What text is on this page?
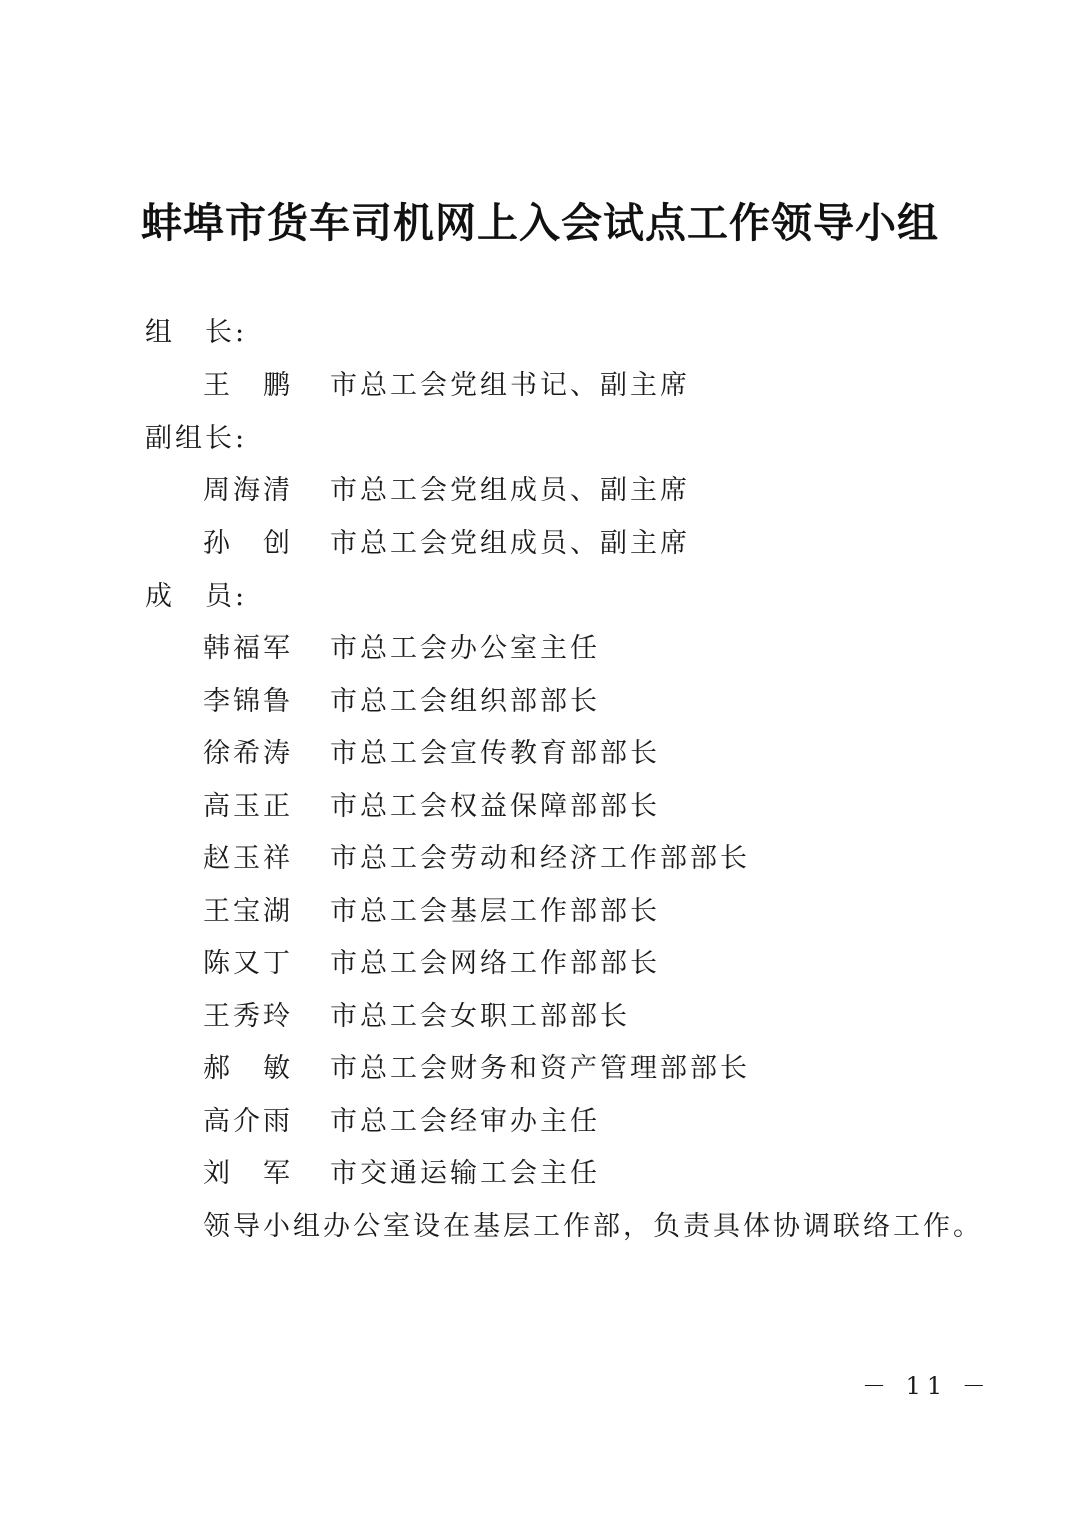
蚌埠市货车司机网上入会试点工作领导小组
组　长:
王　鹏 市总工会党组书记、副主席
副组长:
周海清 市总工会党组成员、副主席
孙　创 市总工会党组成员、副主席
成　员:
韩福军 市总工会办公室主任
李锦鲁 市总工会组织部部长
徐希涛 市总工会宣传教育部部长
高玉正 市总工会权益保障部部长
赵玉祥 市总工会劳动和经济工作部部长
王宝湖 市总工会基层工作部部长
陈又丁 市总工会网络工作部部长
王秀玲 市总工会女职工部部长
郝　敏 市总工会财务和资产管理部部长
高介雨 市总工会经审办主任
刘　军 市交通运输工会主任
领导小组办公室设在基层工作部，负责具体协调联络工作。
－ 11 －
